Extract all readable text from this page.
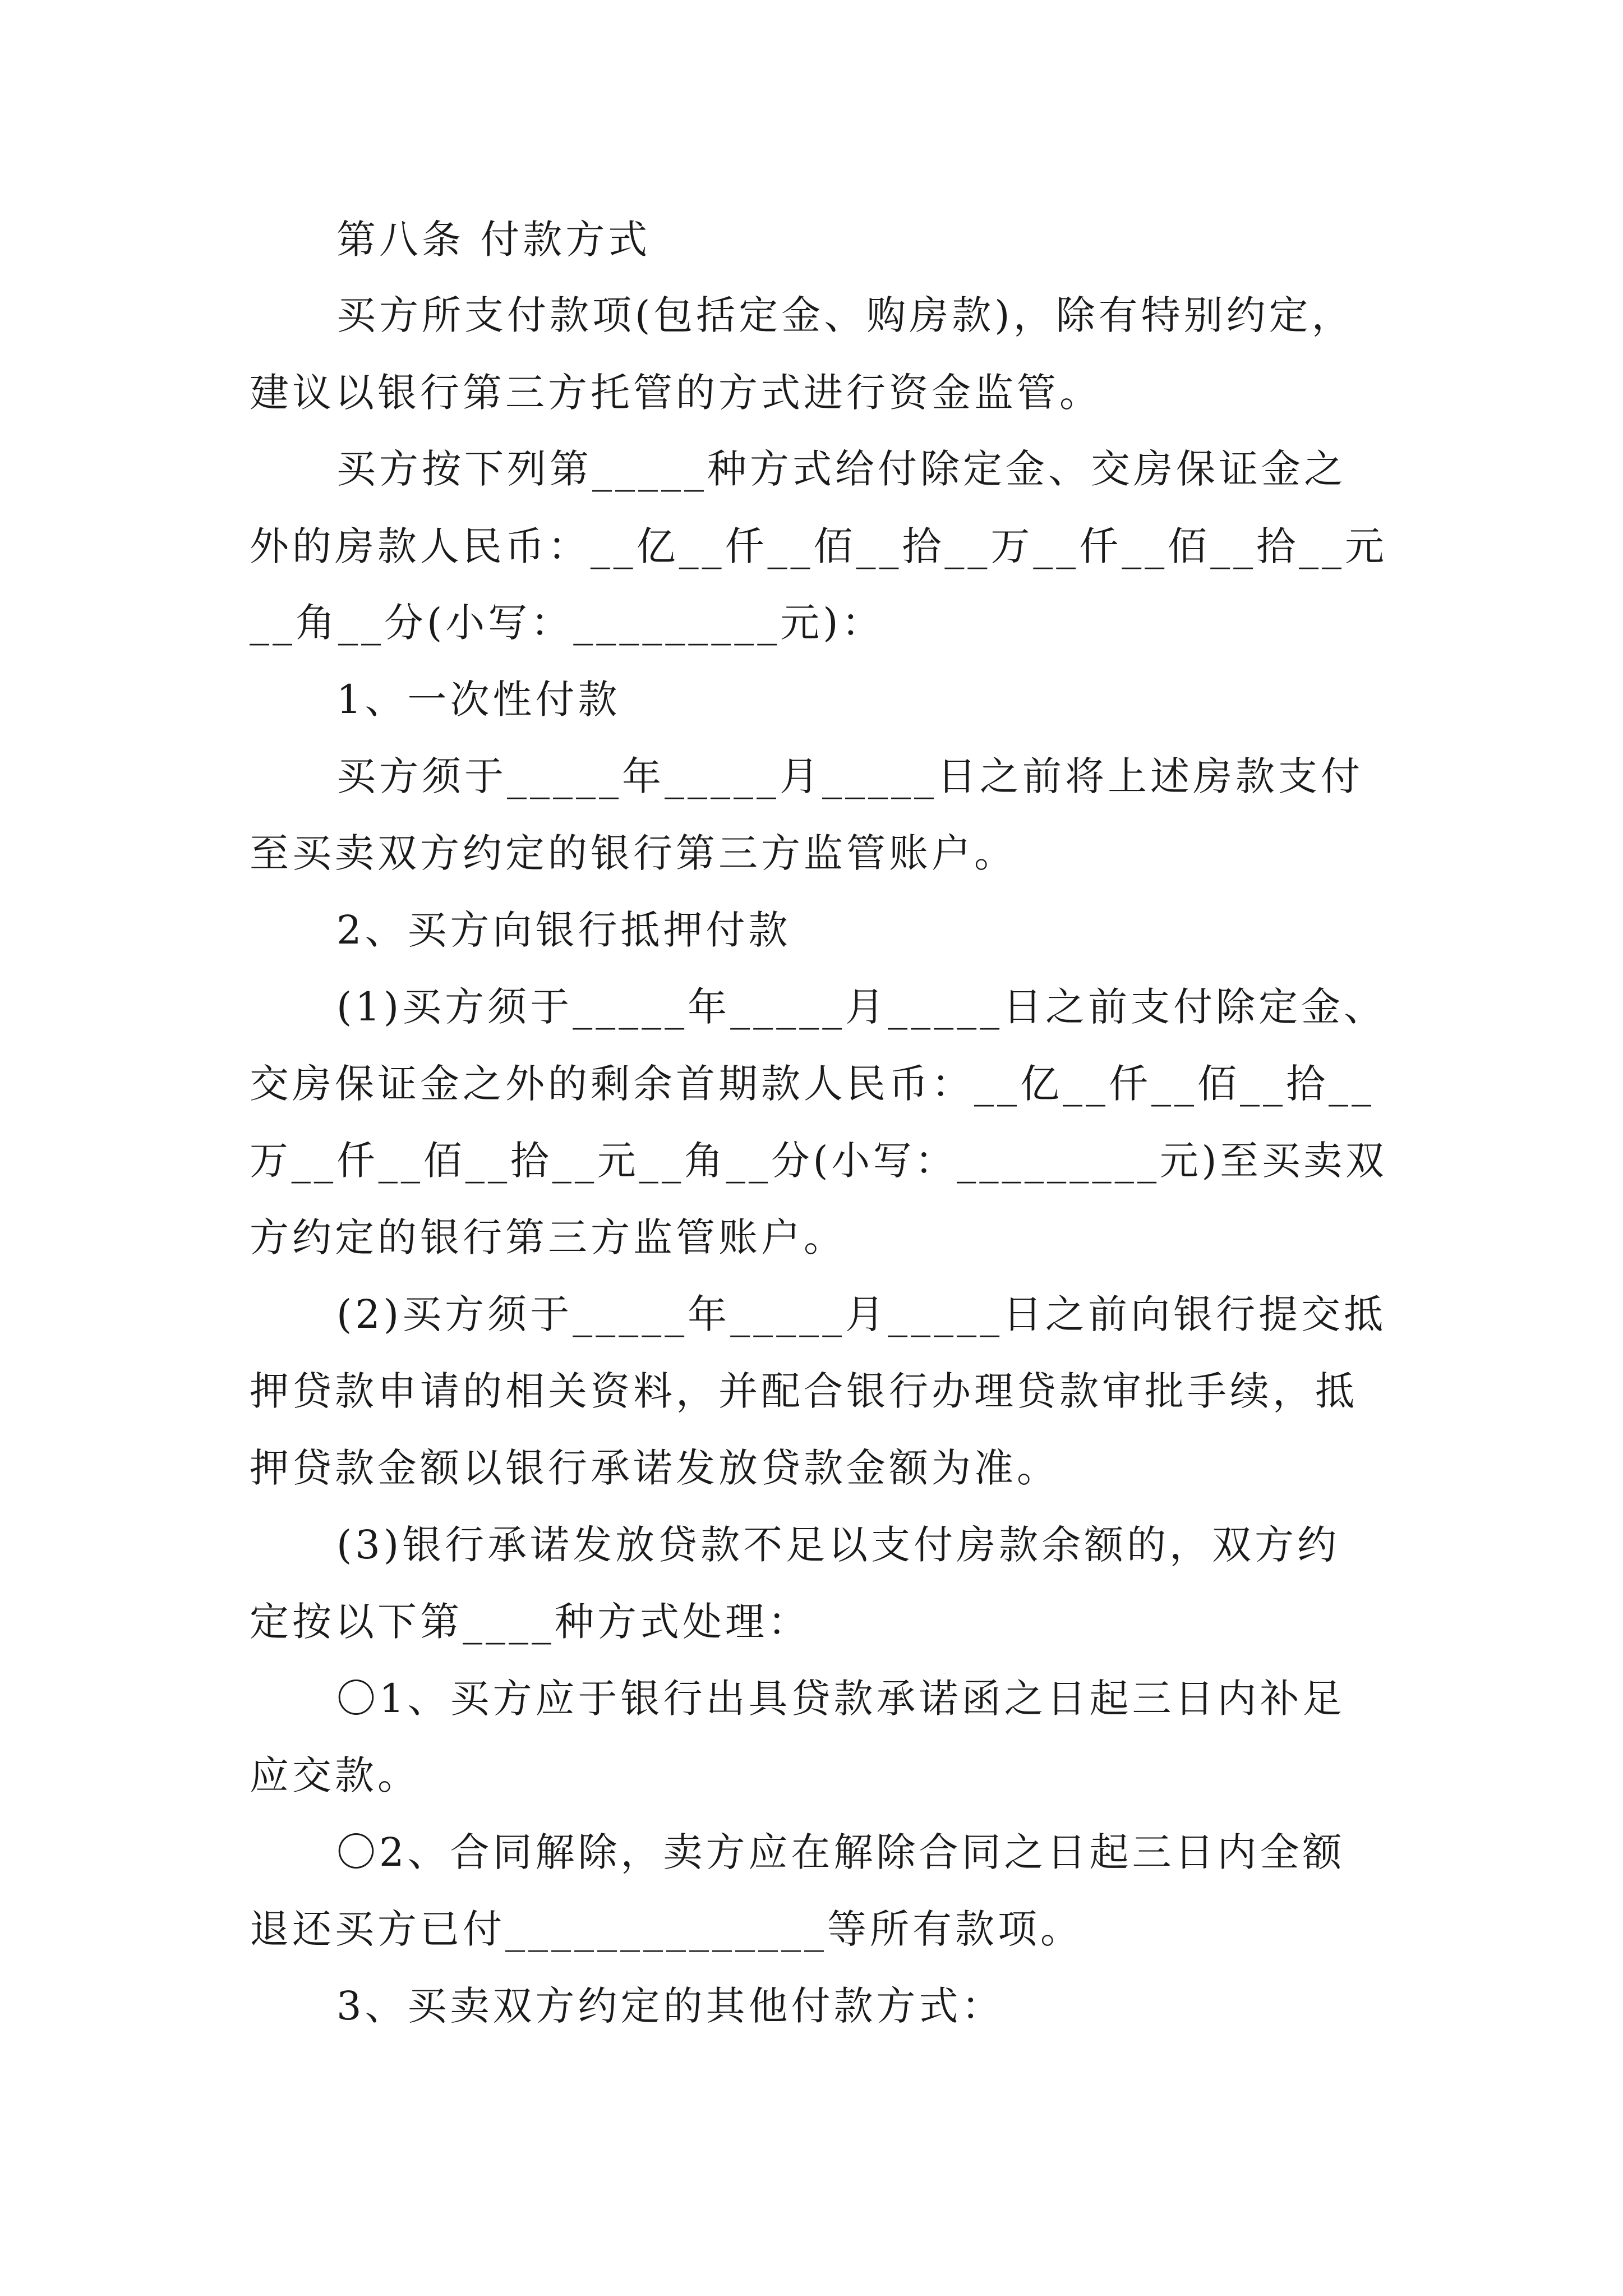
第八条 付款方式
买方所支付款项(包括定金、购房款)，除有特别约定，
建议以银行第三方托管的方式进行资金监管。
买方按下列第_____种方式给付除定金、交房保证金之
外的房款人民币：__亿__仟__佰__拾__万__仟__佰__拾__元
__角__分(小写：_________元)：
1、一次性付款
买方须于_____年_____月_____日之前将上述房款支付
至买卖双方约定的银行第三方监管账户。
2、买方向银行抵押付款
(1)买方须于_____年_____月_____日之前支付除定金、
交房保证金之外的剩余首期款人民币：__亿__仟__佰__拾__
万__仟__佰__拾__元__角__分(小写：_________元)至买卖双
方约定的银行第三方监管账户。
(2)买方须于_____年_____月_____日之前向银行提交抵
押贷款申请的相关资料，并配合银行办理贷款审批手续，抵
押贷款金额以银行承诺发放贷款金额为准。
(3)银行承诺发放贷款不足以支付房款余额的，双方约
定按以下第____种方式处理：
〇1、买方应于银行出具贷款承诺函之日起三日内补足
应交款。
〇2、合同解除，卖方应在解除合同之日起三日内全额
退还买方已付______________等所有款项。
3、买卖双方约定的其他付款方式：
